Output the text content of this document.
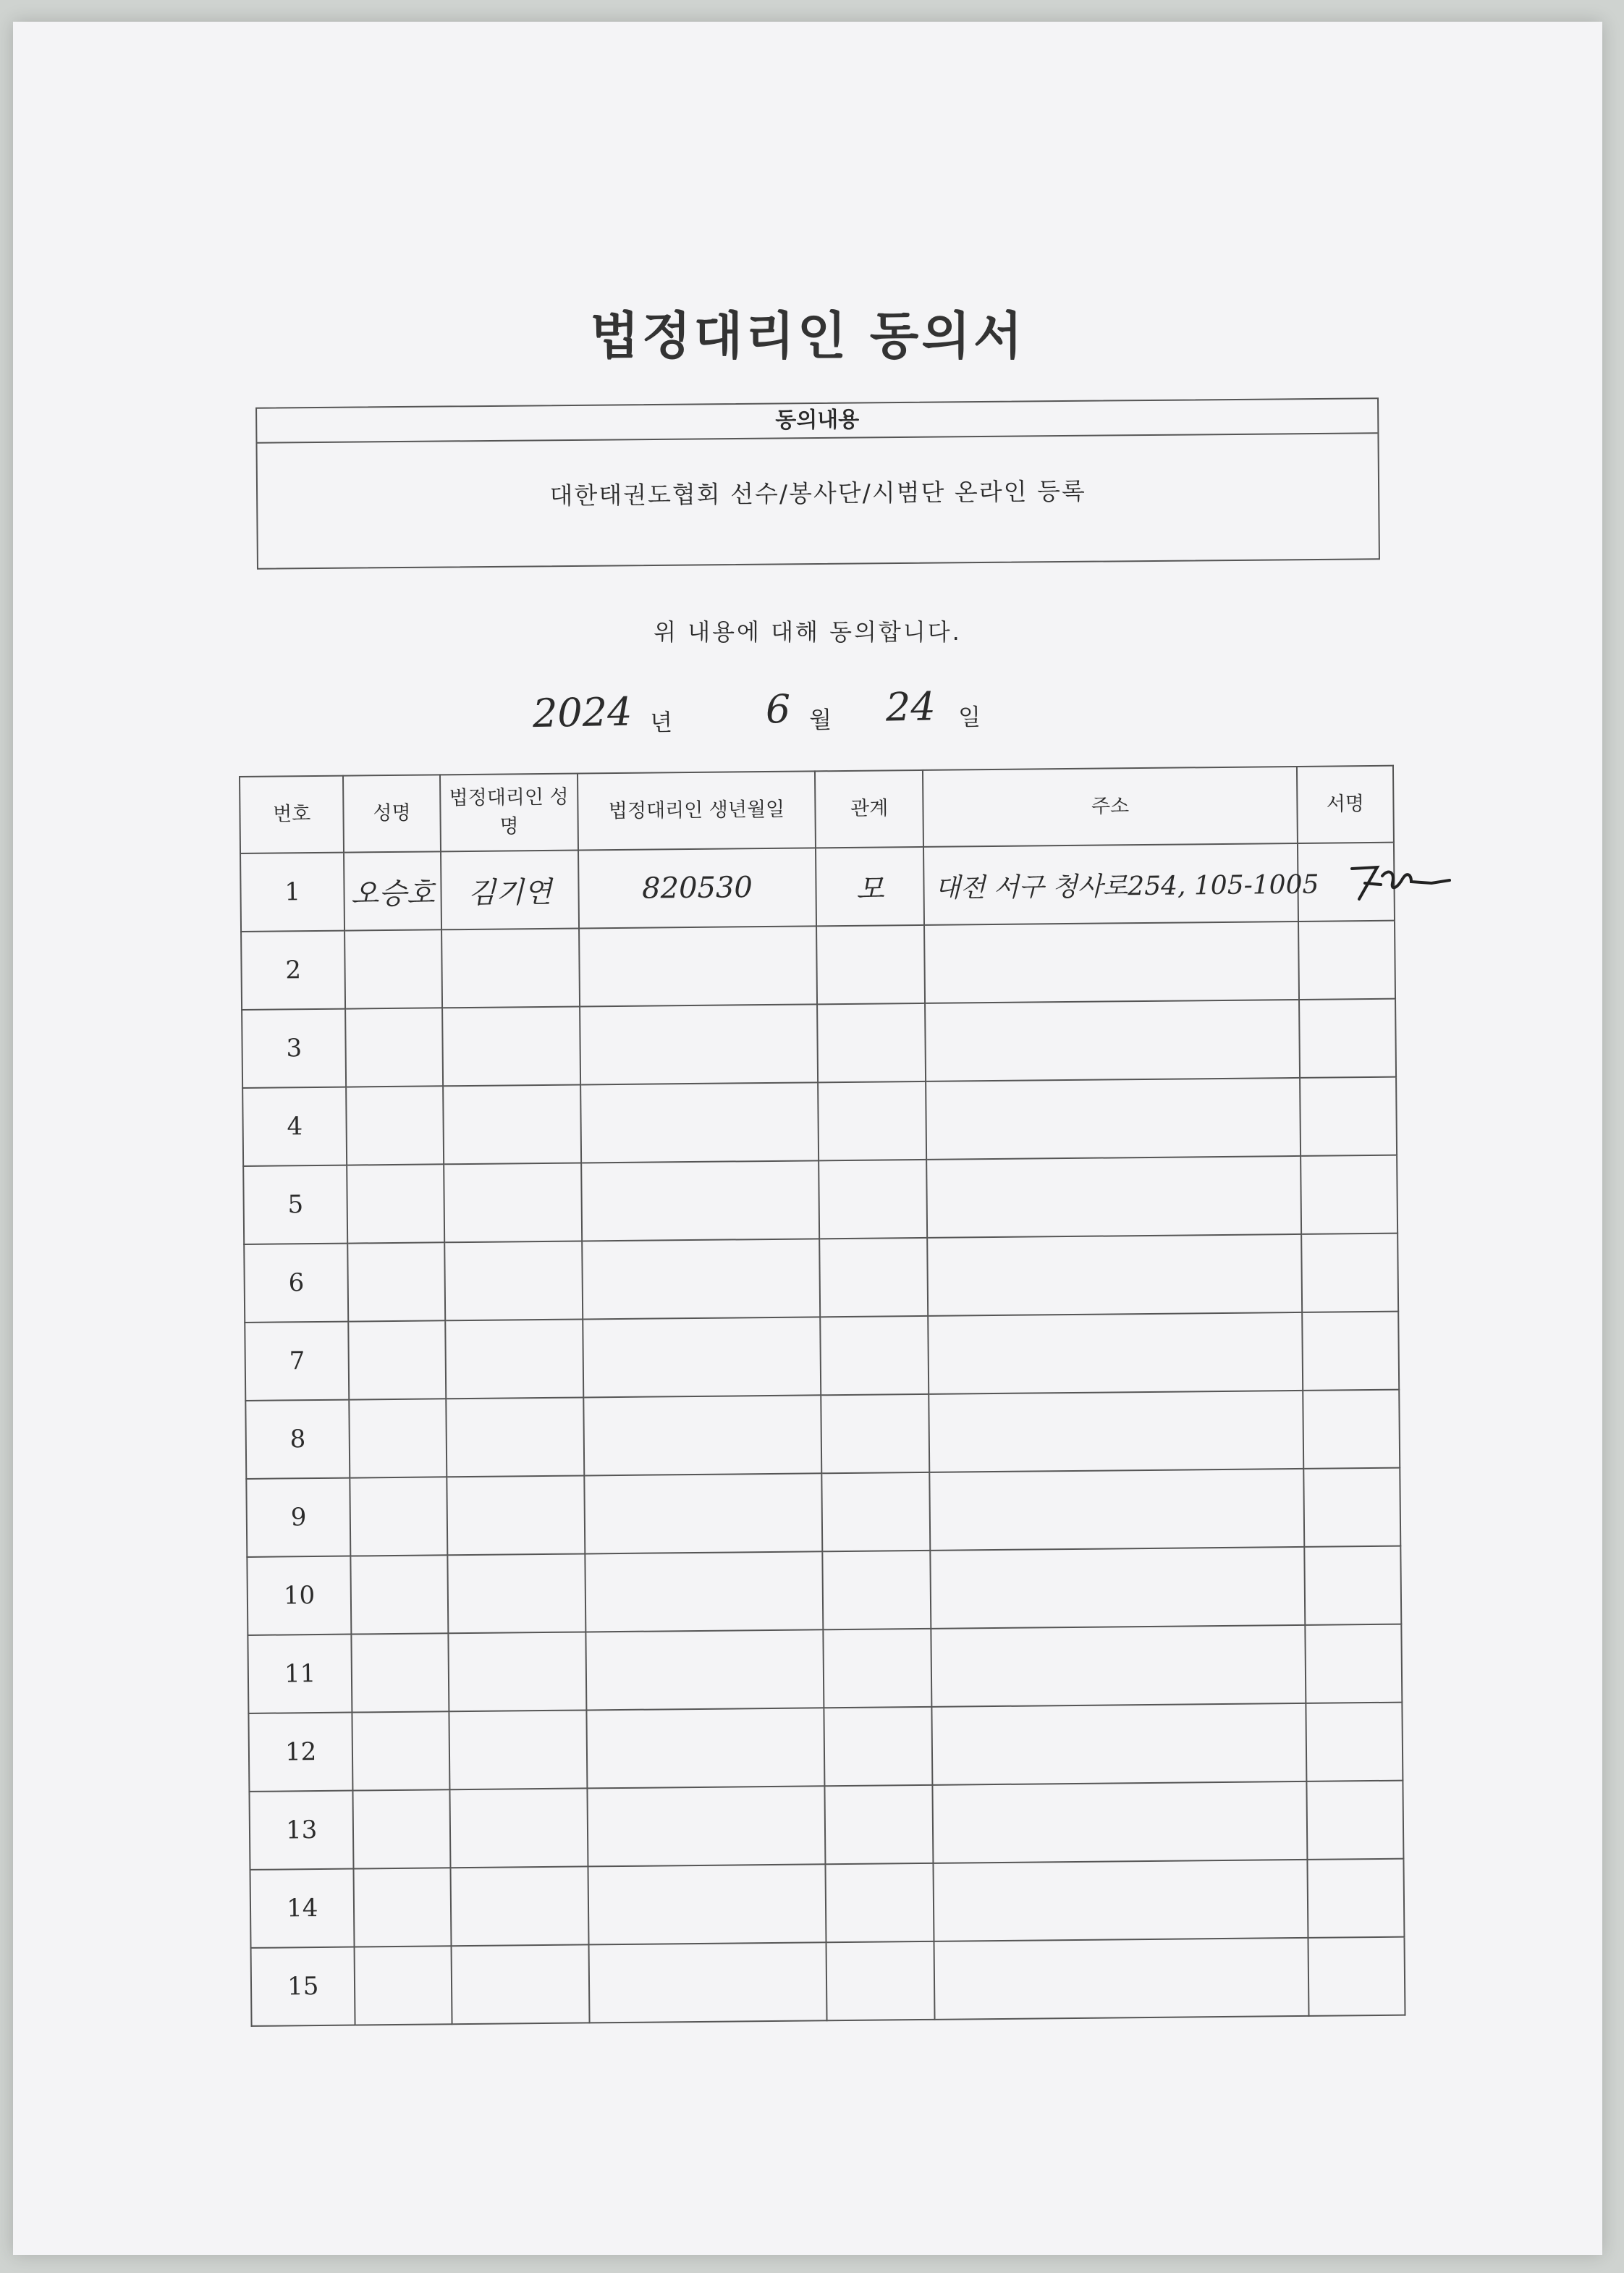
법정대리인 동의서
동의내용
대한태권도협회 선수/봉사단/시범단 온라인 등록
위 내용에 대해 동의합니다.
2024 년 6 월 24 일
번호	성명	법정대리인 성명	법정대리인 생년월일	관계	주소	서명
1	오승호	김기연	820530	모	대전 서구 청사로254, 105-1005	
2						
3						
4						
5						
6						
7						
8						
9						
10						
11						
12						
13						
14						
15						
